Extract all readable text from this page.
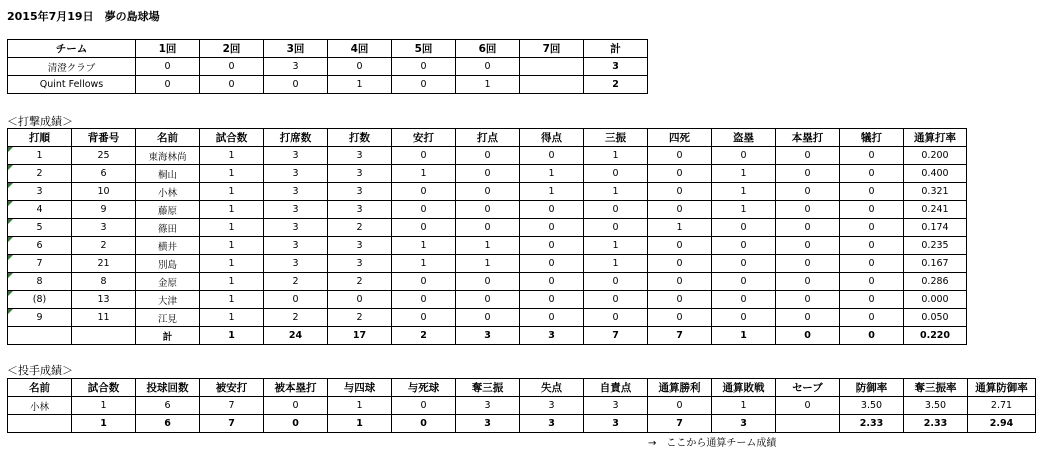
2015年7月19日　夢の島球場
チーム	1回	2回	3回	4回	5回	6回	7回	計
清澄クラブ	0	0	3	0	0	0		3
Quint Fellows	0	0	0	1	0	1		2
＜打撃成績＞
打順	背番号	名前	試合数	打席数	打数	安打	打点	得点	三振	四死	盗塁	本塁打	犠打	通算打率
1	25	東海林尚	1	3	3	0	0	0	1	0	0	0	0	0.200
2	6	桐山	1	3	3	1	0	1	0	0	1	0	0	0.400
3	10	小林	1	3	3	0	0	1	1	0	1	0	0	0.321
4	9	藤原	1	3	3	0	0	0	0	0	1	0	0	0.241
5	3	篠田	1	3	2	0	0	0	0	1	0	0	0	0.174
6	2	横井	1	3	3	1	1	0	1	0	0	0	0	0.235
7	21	別島	1	3	3	1	1	0	1	0	0	0	0	0.167
8	8	金原	1	2	2	0	0	0	0	0	0	0	0	0.286
(8)	13	大津	1	0	0	0	0	0	0	0	0	0	0	0.000
9	11	江見	1	2	2	0	0	0	0	0	0	0	0	0.050
		計	1	24	17	2	3	3	7	7	1	0	0	0.220
＜投手成績＞
名前	試合数	投球回数	被安打	被本塁打	与四球	与死球	奪三振	失点	自責点	通算勝利	通算敗戦	セーブ	防御率	奪三振率	通算防御率
小林	1	6	7	0	1	0	3	3	3	0	1	0	3.50	3.50	2.71
	1	6	7	0	1	0	3	3	3	7	3		2.33	2.33	2.94
→　ここから通算チーム成績
